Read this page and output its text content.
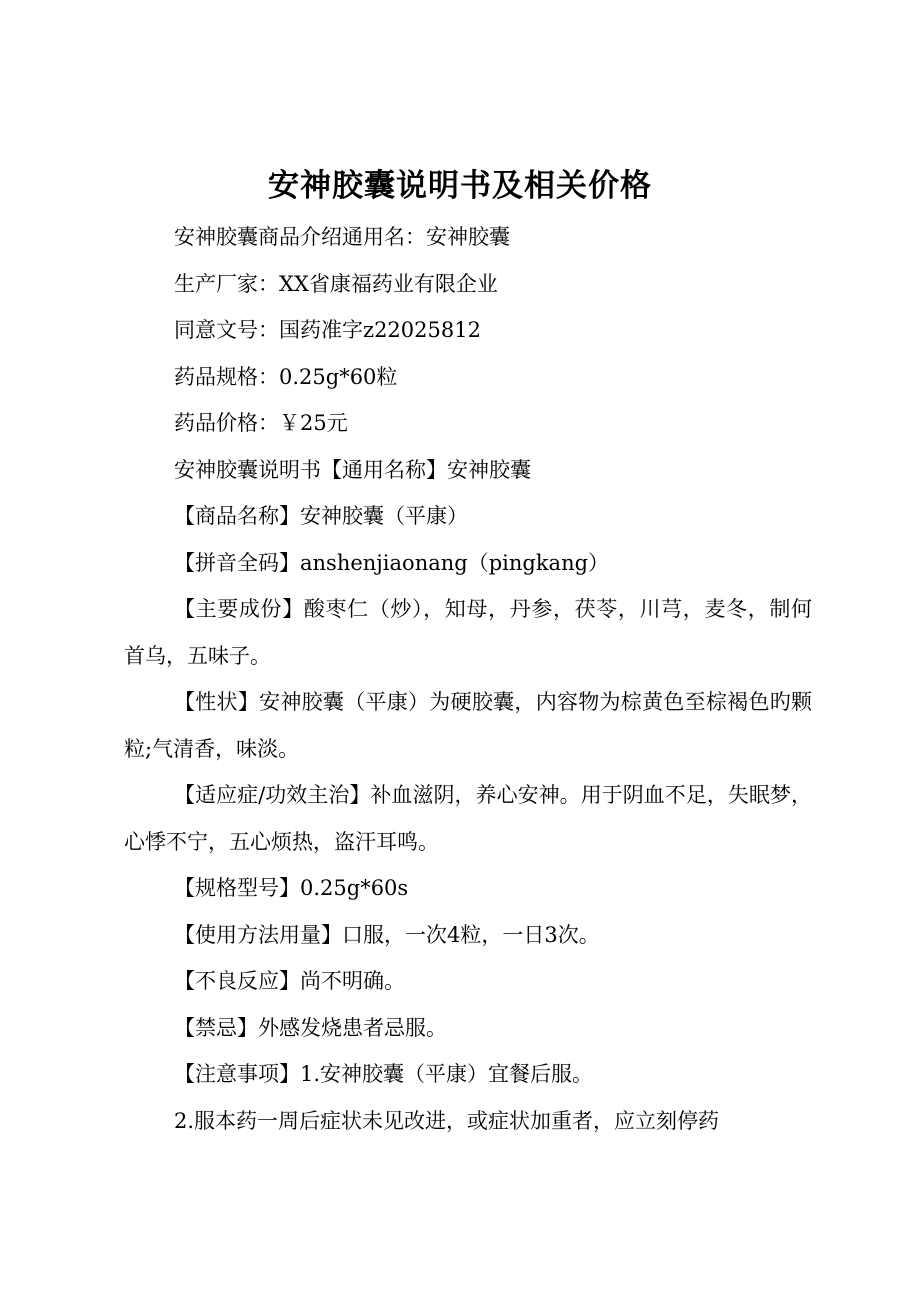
安神胶囊说明书及相关价格

安神胶囊商品介绍通用名：安神胶囊

生产厂家：XX省康福药业有限企业

同意文号：国药准字z22025812

药品规格：0.25g*60粒

药品价格：￥25元

安神胶囊说明书【通用名称】安神胶囊

【商品名称】安神胶囊（平康）

【拼音全码】anshenjiaonang（pingkang）

【主要成份】酸枣仁（炒），知母，丹参，茯苓，川芎，麦冬，制何首乌，五味子。

【性状】安神胶囊（平康）为硬胶囊，内容物为棕黄色至棕褐色旳颗粒;气清香，味淡。

【适应症/功效主治】补血滋阴，养心安神。用于阴血不足，失眠梦，心悸不宁，五心烦热，盗汗耳鸣。

【规格型号】0.25g*60s

【使用方法用量】口服，一次4粒，一日3次。

【不良反应】尚不明确。

【禁忌】外感发烧患者忌服。

【注意事项】1.安神胶囊（平康）宜餐后服。

2.服本药一周后症状未见改进，或症状加重者，应立刻停药
